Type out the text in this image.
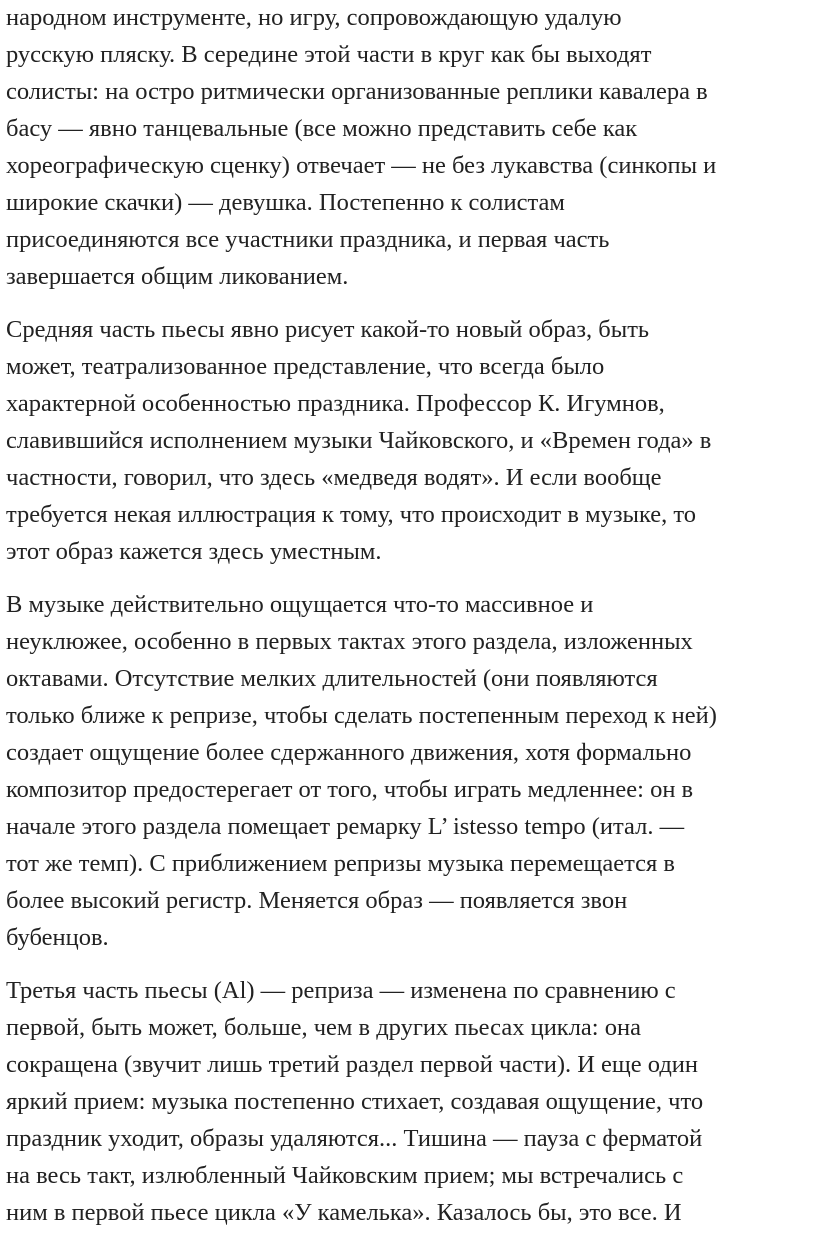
народном инструменте, но игру, сопровождающую удалую
русскую пляску. В середине этой части в круг как бы выходят
солисты: на остро ритмически организованные реплики кавалера в
басу — явно танцевальные (все можно представить себе как
хореографическую сценку) отвечает — не без лукавства (синкопы и
широкие скачки) — девушка. Постепенно к солистам
присоединяются все участники праздника, и первая часть
завершается общим ликованием.

Средняя часть пьесы явно рисует какой-то новый образ, быть
может, театрализованное представление, что всегда было
характерной особенностью праздника. Профессор К. Игумнов,
славившийся исполнением музыки Чайковского, и «Времен года» в
частности, говорил, что здесь «медведя водят». И если вообще
требуется некая иллюстрация к тому, что происходит в музыке, то
этот образ кажется здесь уместным.

В музыке действительно ощущается что-то массивное и
неуклюжее, особенно в первых тактах этого раздела, изложенных
октавами. Отсутствие мелких длительностей (они появляются
только ближе к репризе, чтобы сделать постепенным переход к ней)
создает ощущение более сдержанного движения, хотя формально
композитор предостерегает от того, чтобы играть медленнее: он в
начале этого раздела помещает ремарку L’ istesso tempo (итал. —
тот же темп). С приближением репризы музыка перемещается в
более высокий регистр. Меняется образ — появляется звон
бубенцов.

Третья часть пьесы (Al) — реприза — изменена по сравнению с
первой, быть может, больше, чем в других пьесах цикла: она
сокращена (звучит лишь третий раздел первой части). И еще один
яркий прием: музыка постепенно стихает, создавая ощущение, что
праздник уходит, образы удаляются... Тишина — пауза с ферматой
на весь такт, излюбленный Чайковским прием; мы встречались с
ним в первой пьесе цикла «У камелька». Казалось бы, это все. И
